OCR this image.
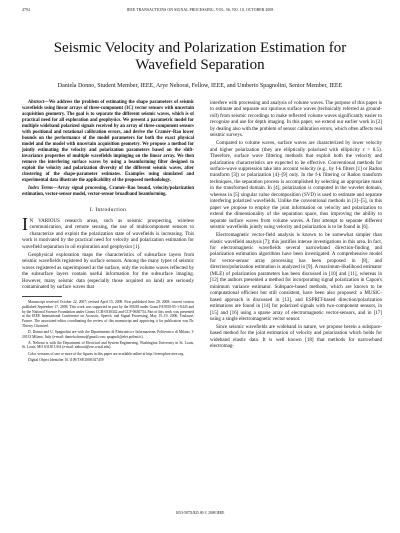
4794	IEEE TRANSACTIONS ON SIGNAL PROCESSING, VOL. 56, NO. 10, OCTOBER 2008
Seismic Velocity and Polarization Estimation for Wavefield Separation
Daniela Donno, Student Member, IEEE, Arye Nehorai, Fellow, IEEE, and Umberto Spagnolini, Senior Member, IEEE

Abstract—We address the problem of estimating the shape parameters of seismic wavefields using linear arrays of three-component (3C) vector sensors with uncertain acquisition geometry. The goal is to separate the different seismic waves, which is of practical need for all exploration and geophysics. We present a parametric model for multiple wideband polarized signals received by an array of three-component sensors with positional and rotational calibration errors, and derive the Cramér–Rao lower bounds on the performance of the model parameters for both the exact physical model and the model with uncertain acquisition geometry. We propose a method for jointly estimating the velocity and polarization parameters based on the shift-invariance properties of multiple wavefields impinging on the linear array. We then remove the interfering surface waves by using a beamforming filter designed to exploit the velocity and polarization diversity of the different seismic waves, after clustering of the shape-parameter estimates. Examples using simulated and experimental data illustrate the applicability of the proposed methodology.

Index Terms—Array signal processing, Cramér–Rao bound, velocity/polarization estimation, vector-sensor model, vector-sensor broadband beamforming.

I. Introduction

I N VARIOUS research areas, such as seismic prospecting, wireless communication, and remote sensing, the use of multicomponent sensors to characterize and exploit the polarization state of wavefields is increasing. This work is motivated by the practical need for velocity and polarization estimation for wavefield separation in oil exploration and geophysics [1].

Geophysical exploration maps the characteristics of subsurface layers from seismic wavefields registered by surface sensors. Among the many types of seismic waves registered as superimposed at the surface, only the volume waves reflected by the subsurface layers contain useful information for the subsurface imaging. However, many seismic data (especially those acquired on land) are seriously contaminated by surface waves that

Manuscript received October 22, 2007; revised April 15, 2008. First published June 20, 2008; current version published September 17, 2008. This work was supported in part by the MURI under Grant FA9550-05-1-0443 and by the National Science Foundation under Grants CCR-0330342 and CCF-0630734. Part of this work was presented at the IEEE International Conference on Acoustic, Speech, and Signal Processing, May 15–19, 2006, Toulouse, France. The associated editor coordinating the review of this manuscript and approving it for publication was Dr. Thierry Chonavel.

D. Donno and U. Spagnolini are with the Dipartimento di Elettronica e Informazione, Politecnico di Milano, I-20133 Milano, Italy (e-mail: daniela.donno@gmail.com; spagnoli@elet.polimi.it).

A. Nehorai is with the Department of Electrical and System Engineering, Washington University in St. Louis, St. Louis, MO 63130 USA (e-mail: nehorai@ese.wustl.edu).

Color versions of one or more of the figures in this paper are available online at http://ieeexplore.ieee.org.

Digital Object Identifier 10.1109/TSP.2008.927459

interfere with processing and analysis of volume waves. The purpose of this paper is to estimate and separate out spurious surface waves (technically referred as ground-roll) from seismic recordings to make reflected volume waves significantly easier to recognize and use for depth imaging. In this paper, we extend our earlier work in [2] by dealing also with the problem of sensor calibration errors, which often affects real seismic surveys.

Compared to volume waves, surface waves are characterized by lower velocity and higher polarization (they are elliptically polarized with ellipticity ε > 0.5). Therefore, surface wave filtering methods that exploit both the velocity and polarization characteristics are expected to be effective. Conventional methods for surface-wave suppression take into account velocity (e.g., by f-k filters [1] or Radon transform [3]) or polarization [4]–[9] only. In the f-k filtering or Radon transform techniques, the separation process is accomplished by selecting an appropriate mask in the transformed domain. In [4], polarization is computed in the wavelet domain, whereas in [5] singular value decomposition (SVD) is used to estimate and separate interfering polarized wavefields. Unlike the conventional methods in [3]–[5], in this paper we propose to employ the joint information on velocity and polarization to extend the dimensionality of the separation space, thus improving the ability to separate surface waves from volume waves. A first attempt to separate different seismic wavefields jointly using velocity and polarization is to be found in [6].

Electromagnetic vector-field analysis is known to be somewhat simpler than elastic wavefield analysis [7]; this justifies intense investigations in this area. In fact, for electromagnetic wavefields several narrowband direction-finding and polarization estimation algorithms have been investigated. A comprehensive model for vector-sensor array processing has been proposed in [8], and direction/polarization estimation is analyzed in [9]. A maximum-likelihood estimator (MLE) of polarization parameters has been discussed in [10] and [11], whereas in [12] the authors presented a method for incorporating signal polarization in Capon's minimum variance estimator. Subspace-based methods, which are known to be computational efficient but still consistent, have been also proposed: a MUSIC-based approach is discussed in [13], and ESPRIT-based direction/polarization estimations are found in [14] for polarized signals with two-component sensors, in [15] and [16] using a sparse array of electromagnetic vector-sensors, and in [17] using a single electromagnetic vector sensor.

Since seismic wavefields are wideband in nature, we propose herein a subspace-based method for the joint estimation of velocity and polarization which holds for wideband elastic data. It is well known [18] that methods for narrowband electromag-

1053-587X/$25.00 © 2008 IEEE
